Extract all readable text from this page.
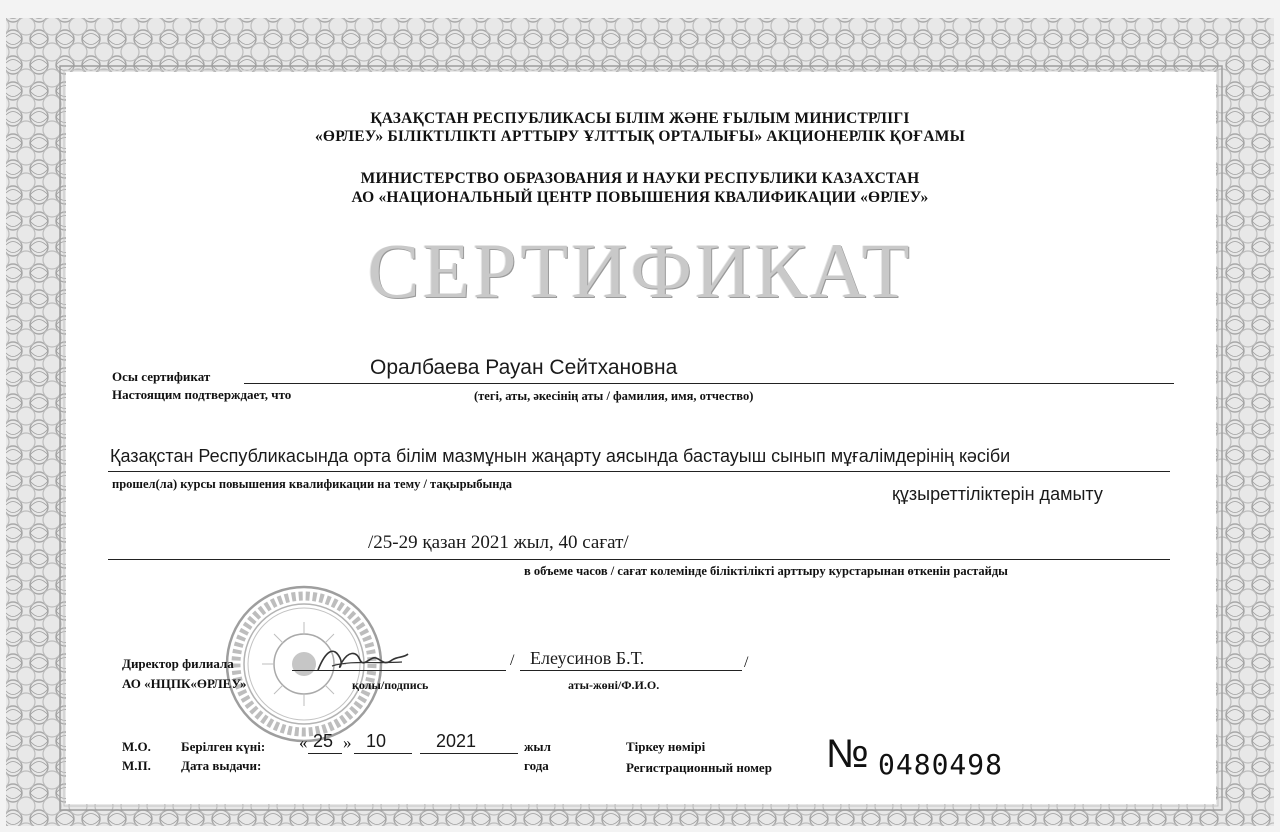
ҚАЗАҚСТАН РЕСПУБЛИКАСЫ БІЛІМ ЖӘНЕ ҒЫЛЫМ МИНИСТРЛІГІ
«ӨРЛЕУ» БІЛІКТІЛІКТІ АРТТЫРУ ҰЛТТЫҚ ОРТАЛЫҒЫ» АКЦИОНЕРЛІК ҚОҒАМЫ
МИНИСТЕРСТВО ОБРАЗОВАНИЯ И НАУКИ РЕСПУБЛИКИ КАЗАХСТАН
АО «НАЦИОНАЛЬНЫЙ ЦЕНТР ПОВЫШЕНИЯ КВАЛИФИКАЦИИ «ӨРЛЕУ»
СЕРТИФИКАТ
Осы сертификат
Настоящим подтверждает, что
Оралбаева Рауан Сейтхановна
(тегі, аты, әкесінің аты / фамилия, имя, отчество)
Қазақстан Республикасында орта білім мазмұнын жаңарту аясында бастауыш сынып мұғалімдерінің кәсіби
прошел(ла) курсы повышения квалификации на тему / тақырыбында	құзыреттіліктерін дамыту
/25-29 қазан 2021 жыл, 40 сағат/
в объеме часов / сағат колемінде біліктілікті арттыру курстарынан өткенін растайды
Директор филиала
АО «НЦПК«ӨРЛЕУ»	қолы/подпись
/ Елеусинов Б.Т.	/
аты-жөні/Ф.И.О.
М.О.
М.П.
Берілген күні:
Дата выдачи:
« 25 » 10	2021	жыл
года
Тіркеу нөмірі
Регистрационный номер № 0480498
